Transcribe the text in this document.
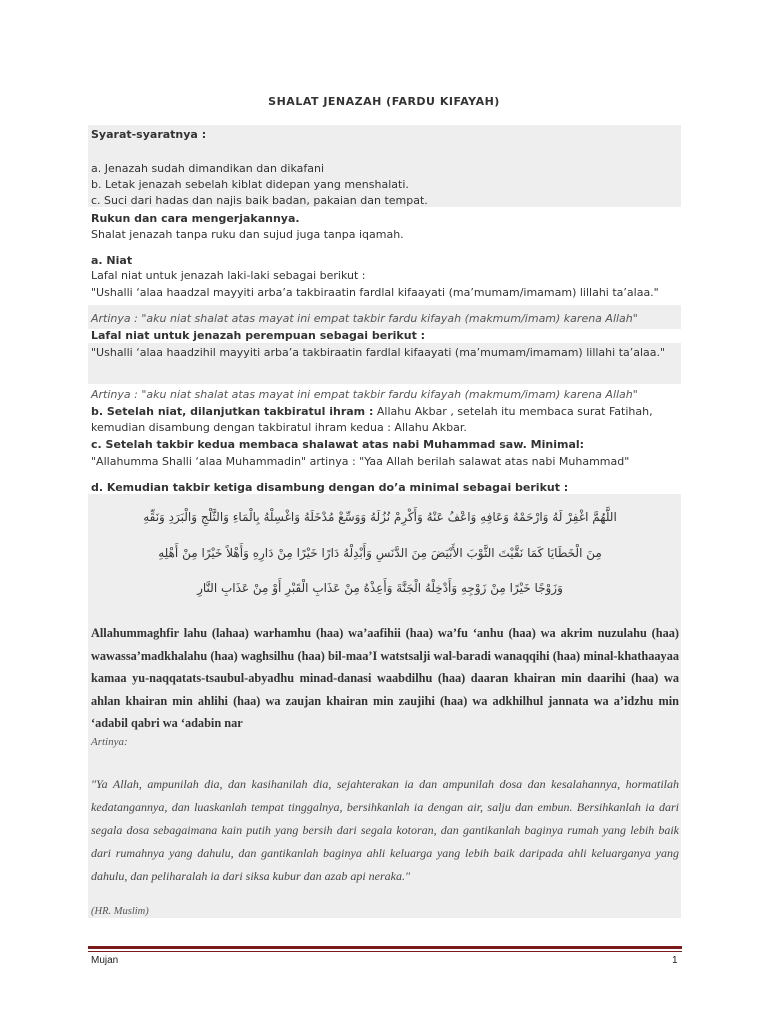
SHALAT JENAZAH (FARDU KIFAYAH)
Syarat-syaratnya :
a. Jenazah sudah dimandikan dan dikafani
b. Letak jenazah sebelah kiblat didepan yang menshalati.
c. Suci dari hadas dan najis baik badan, pakaian dan tempat.
Rukun dan cara mengerjakannya.
Shalat jenazah tanpa ruku dan sujud juga tanpa iqamah.
a. Niat
Lafal niat untuk jenazah laki-laki sebagai berikut :
"Ushalli ‘alaa haadzal mayyiti arba’a takbiraatin fardlal kifaayati (ma’mumam/imamam) lillahi ta’alaa."
Artinya : "aku niat shalat atas mayat ini empat takbir fardu kifayah (makmum/imam) karena Allah"
Lafal niat untuk jenazah perempuan sebagai berikut :
"Ushalli ‘alaa haadzihil mayyiti arba’a takbiraatin fardlal kifaayati (ma’mumam/imamam) lillahi ta’alaa."
Artinya : "aku niat shalat atas mayat ini empat takbir fardu kifayah (makmum/imam) karena Allah"
b. Setelah niat, dilanjutkan takbiratul ihram : Allahu Akbar , setelah itu membaca surat Fatihah,
kemudian disambung dengan takbiratul ihram kedua : Allahu Akbar.
c. Setelah takbir kedua membaca shalawat atas nabi Muhammad saw. Minimal:
"Allahumma Shalli ‘alaa Muhammadin" artinya : "Yaa Allah berilah salawat atas nabi Muhammad"
d. Kemudian takbir ketiga disambung dengan do’a minimal sebagai berikut :
اللَّهُمَّ اغْفِرْ لَهُ وَارْحَمْهُ وَعَافِهِ وَاعْفُ عَنْهُ وَأَكْرِمْ نُزُلَهُ وَوَسِّعْ مُدْخَلَهُ وَاغْسِلْهُ بِالْمَاءِ وَالثَّلْجِ وَالْبَرَدِ وَنَقِّهِ
مِنَ الْخَطَايَا كَمَا نَقَّيْتَ الثَّوْبَ الأَبْيَضَ مِنَ الدَّنَسِ وَأَبْدِلْهُ دَارًا خَيْرًا مِنْ دَارِهِ وَأَهْلاً خَيْرًا مِنْ أَهْلِهِ
وَزَوْجًا خَيْرًا مِنْ زَوْجِهِ وَأَدْخِلْهُ الْجَنَّةَ وَأَعِذْهُ مِنْ عَذَابِ الْقَبْرِ أَوْ مِنْ عَذَابِ النَّارِ
Allahummaghfir lahu (lahaa) warhamhu (haa) wa’aafihii (haa) wa’fu ‘anhu (haa) wa akrim nuzulahu (haa) wawassa’madkhalahu (haa) waghsilhu (haa) bil-maa’I watstsalji wal-baradi wanaqqihi (haa) minal-khathaayaa kamaa yu-naqqatats-tsaubul-abyadhu minad-danasi waabdilhu (haa) daaran khairan min daarihi (haa) wa ahlan khairan min ahlihi (haa) wa zaujan khairan min zaujihi (haa) wa adkhilhul jannata wa a’idzhu min ‘adabil qabri wa ‘adabin nar
Artinya:
"Ya Allah, ampunilah dia, dan kasihanilah dia, sejahterakan ia dan ampunilah dosa dan kesalahannya, hormatilah kedatangannya, dan luaskanlah tempat tinggalnya, bersihkanlah ia dengan air, salju dan embun. Bersihkanlah ia dari segala dosa sebagaimana kain putih yang bersih dari segala kotoran, dan gantikanlah baginya rumah yang lebih baik dari rumahnya yang dahulu, dan gantikanlah baginya ahli keluarga yang lebih baik daripada ahli keluarganya yang dahulu, dan peliharalah ia dari siksa kubur dan azab api neraka."
(HR. Muslim)
Mujan	1
